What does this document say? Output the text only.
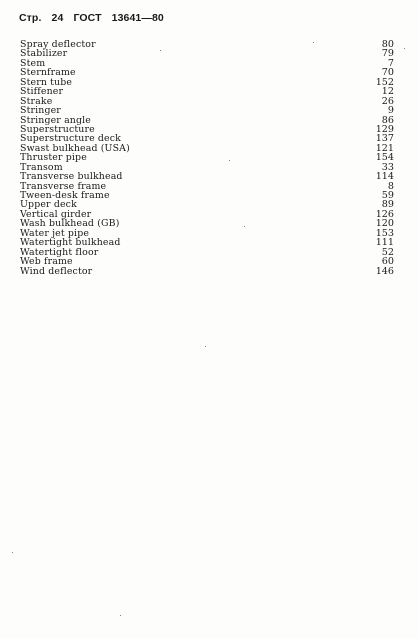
Стр. 24 ГОСТ 13641—80
Spray deflector	80
Stabilizer	79
Stem	7
Sternframe	70
Stern tube	152
Stiffener	12
Strake	26
Stringer	9
Stringer angle	86
Superstructure	129
Superstructure deck	137
Swast bulkhead (USA)	121
Thruster pipe	154
Transom	33
Transverse bulkhead	114
Transverse frame	8
Tween-desk frame	59
Upper deck	89
Vertical girder	126
Wash bulkhead (GB)	120
Water jet pipe	153
Watertight bulkhead	111
Watertight floor	52
Web frame	60
Wind deflector	146
